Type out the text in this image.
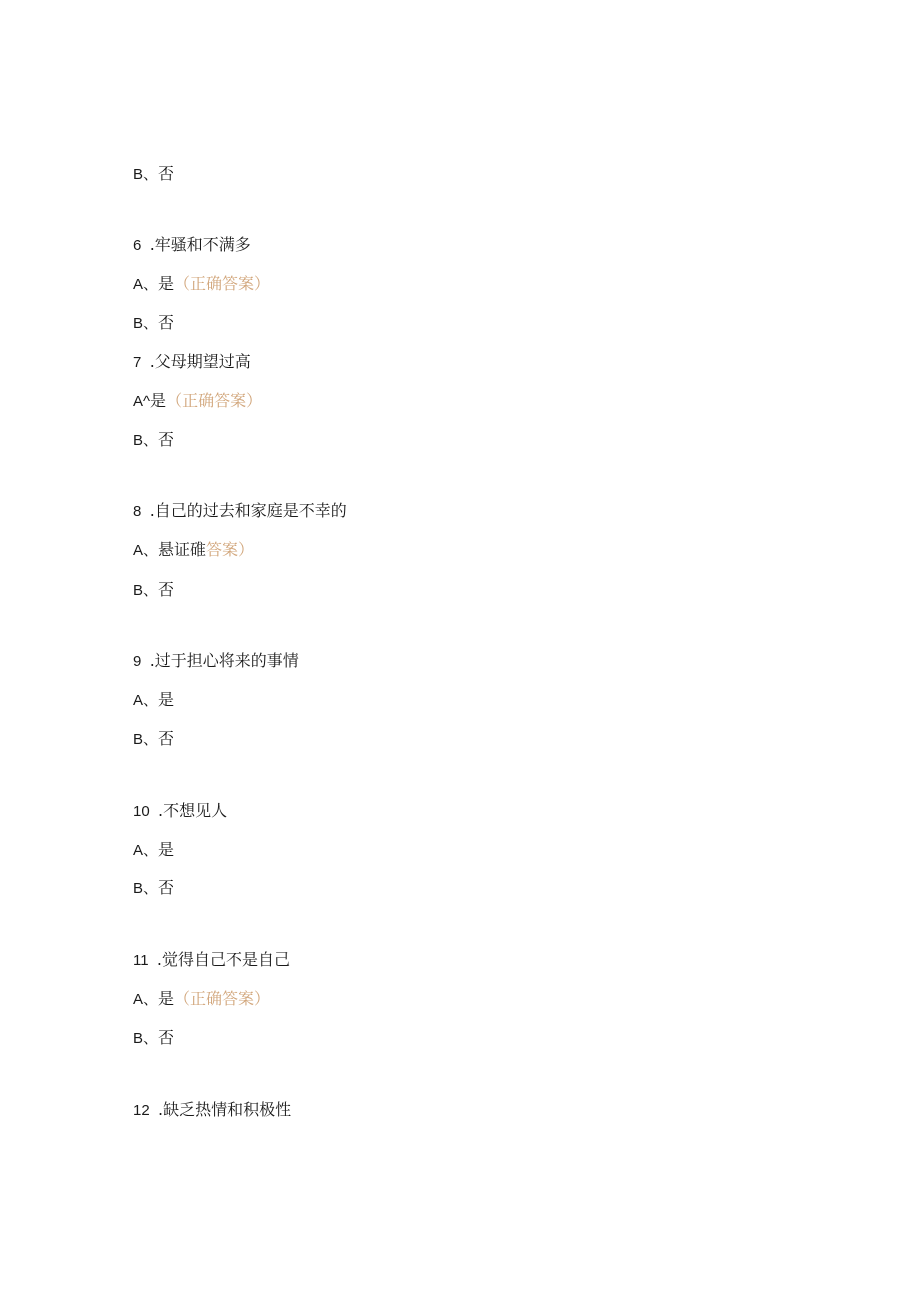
B、否
6  .牢骚和不满多
A、是（正确答案）
B、否
7  .父母期望过高
A^是（正确答案）
B、否
8  .自己的过去和家庭是不幸的
A、悬证碓答案）
B、否
9  .过于担心将来的事情
A、是
B、否
10  .不想见人
A、是
B、否
11  .觉得自己不是自己
A、是（正确答案）
B、否
12  .缺乏热情和积极性
